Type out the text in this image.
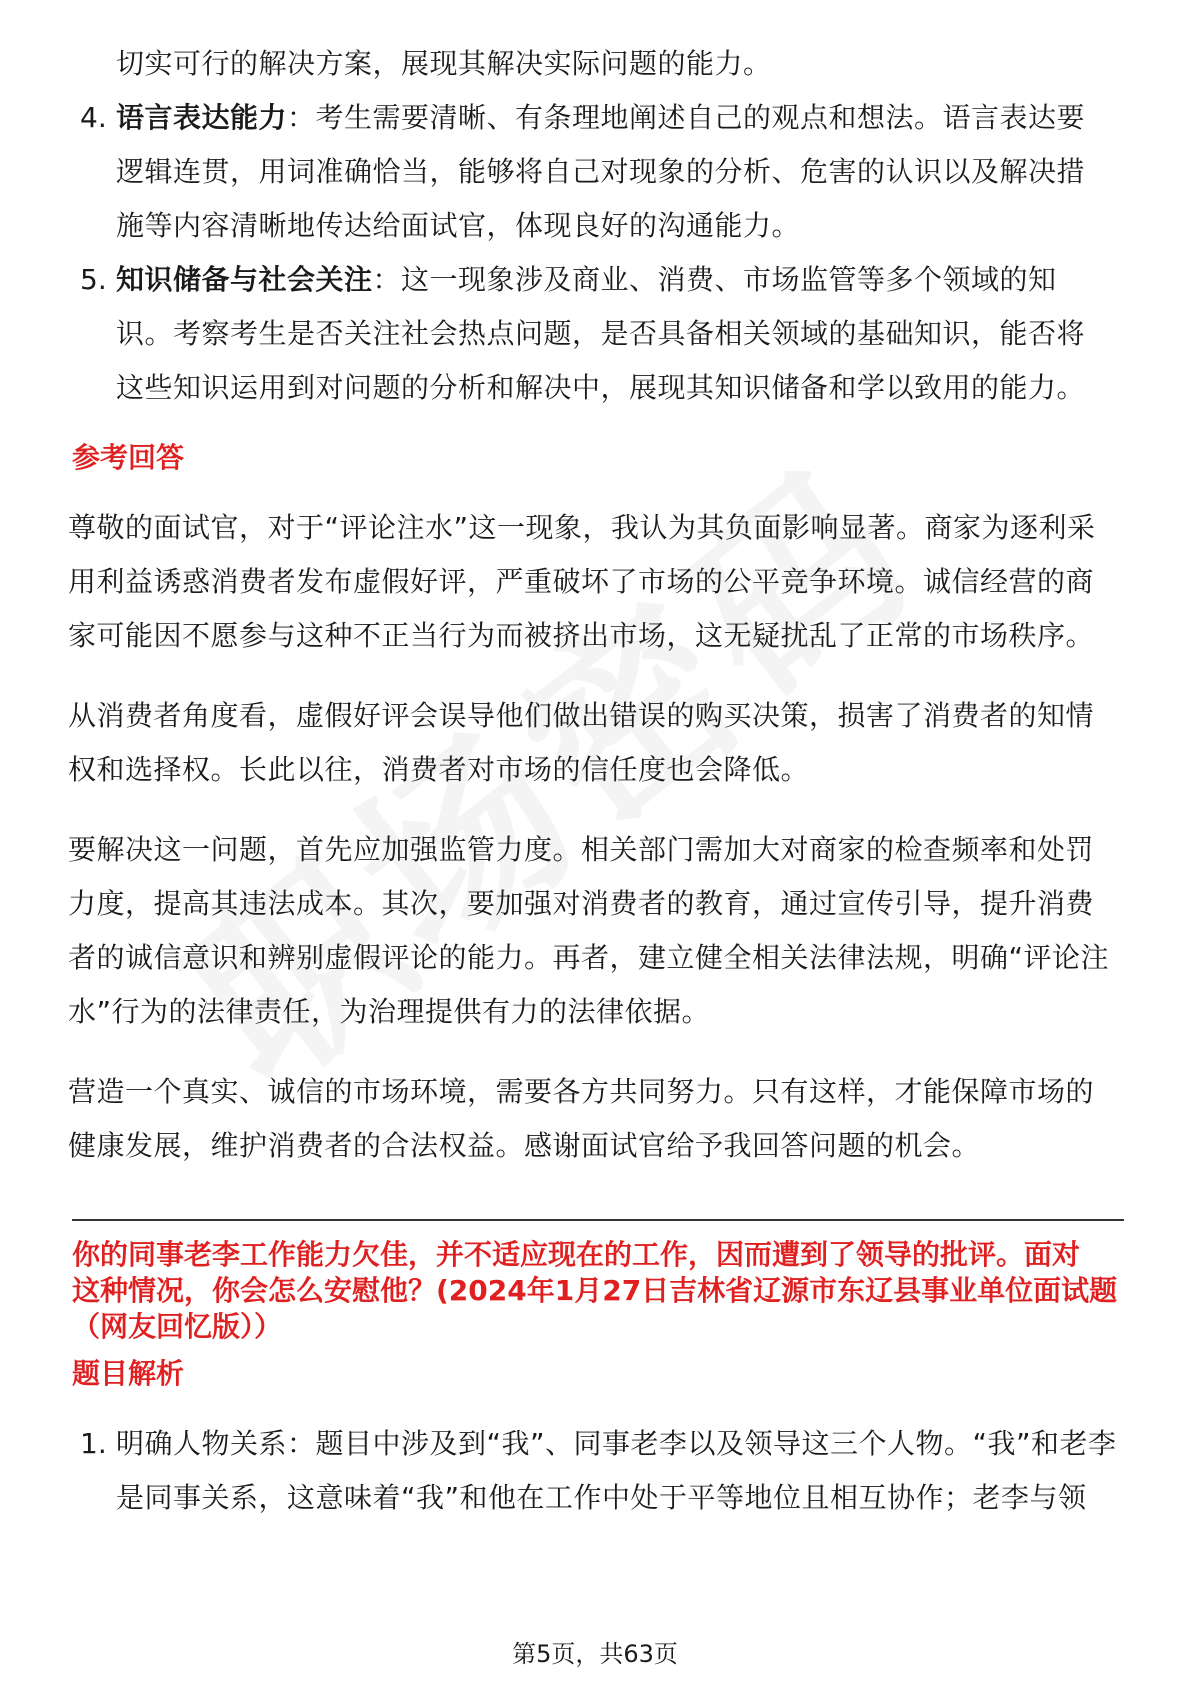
切实可行的解决方案，展现其解决实际问题的能力。
4. 语言表达能力：考生需要清晰、有条理地阐述自己的观点和想法。语言表达要
逻辑连贯，用词准确恰当，能够将自己对现象的分析、危害的认识以及解决措
施等内容清晰地传达给面试官，体现良好的沟通能力。
5. 知识储备与社会关注：这一现象涉及商业、消费、市场监管等多个领域的知
识。考察考生是否关注社会热点问题，是否具备相关领域的基础知识，能否将
这些知识运用到对问题的分析和解决中，展现其知识储备和学以致用的能力。
参考回答
尊敬的面试官，对于“评论注水”这一现象，我认为其负面影响显著。商家为逐利采
用利益诱惑消费者发布虚假好评，严重破坏了市场的公平竞争环境。诚信经营的商
家可能因不愿参与这种不正当行为而被挤出市场，这无疑扰乱了正常的市场秩序。
从消费者角度看，虚假好评会误导他们做出错误的购买决策，损害了消费者的知情
权和选择权。长此以往，消费者对市场的信任度也会降低。
要解决这一问题，首先应加强监管力度。相关部门需加大对商家的检查频率和处罚
力度，提高其违法成本。其次，要加强对消费者的教育，通过宣传引导，提升消费
者的诚信意识和辨别虚假评论的能力。再者，建立健全相关法律法规，明确“评论注
水”行为的法律责任，为治理提供有力的法律依据。
营造一个真实、诚信的市场环境，需要各方共同努力。只有这样，才能保障市场的
健康发展，维护消费者的合法权益。感谢面试官给予我回答问题的机会。
你的同事老李工作能力欠佳，并不适应现在的工作，因而遭到了领导的批评。面对
这种情况，你会怎么安慰他？(2024年1月27日吉林省辽源市东辽县事业单位面试题
（网友回忆版））
题目解析
1. 明确人物关系：题目中涉及到“我”、同事老李以及领导这三个人物。“我”和老李
是同事关系，这意味着“我”和他在工作中处于平等地位且相互协作；老李与领
第5页，共63页
